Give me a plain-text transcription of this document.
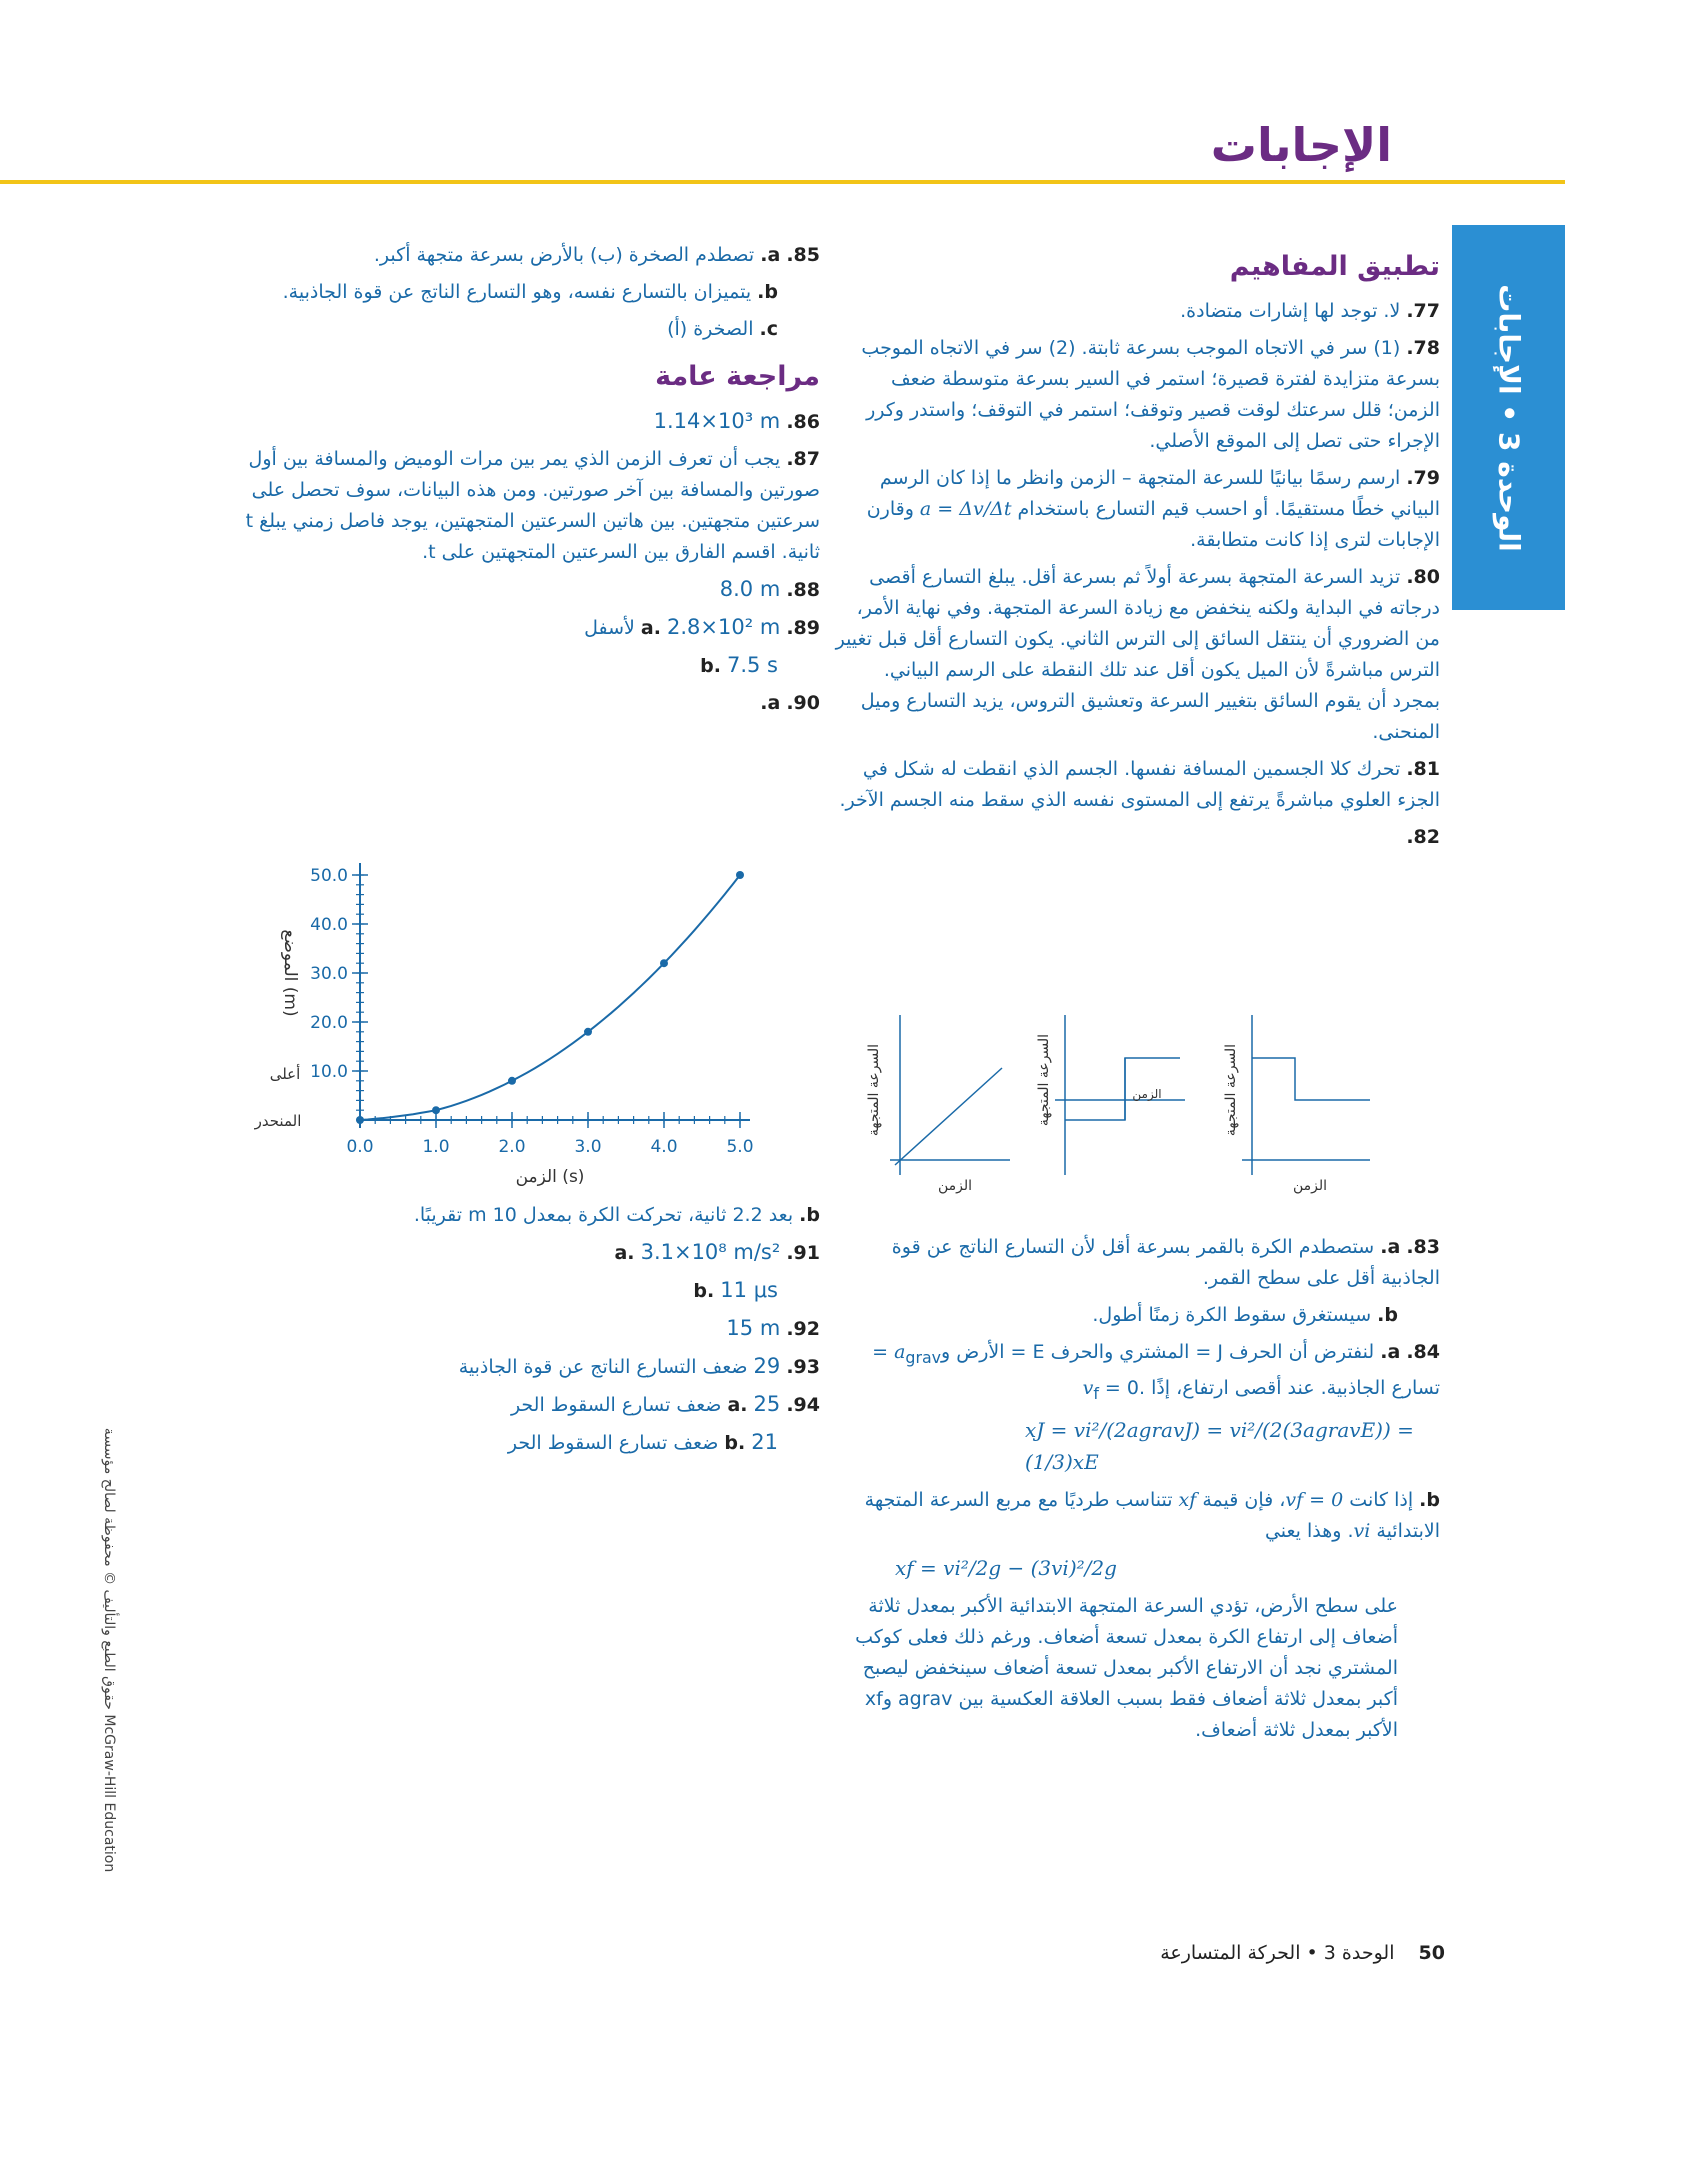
الإجابات
الوحدة 3 • الإجابات
حقوق الطبع والتأليف © محفوظة لصالح مؤسسة McGraw-Hill Education
تطبيق المفاهيم

77. لا. توجد لها إشارات متضادة.

78. (1) سر في الاتجاه الموجب بسرعة ثابتة. (2) سر في الاتجاه الموجب بسرعة متزايدة لفترة قصيرة؛ استمر في السير بسرعة متوسطة ضعف الزمن؛ قلل سرعتك لوقت قصير وتوقف؛ استمر في التوقف؛ واستدر وكرر الإجراء حتى تصل إلى الموقع الأصلي.

79. ارسم رسمًا بيانيًا للسرعة المتجهة – الزمن وانظر ما إذا كان الرسم البياني خطًا مستقيمًا. أو احسب قيم التسارع باستخدام a = Δv/Δt وقارن الإجابات لترى إذا كانت متطابقة.

80. تزيد السرعة المتجهة بسرعة أولاً ثم بسرعة أقل. يبلغ التسارع أقصى درجاته في البداية ولكنه ينخفض مع زيادة السرعة المتجهة. وفي نهاية الأمر، من الضروري أن ينتقل السائق إلى الترس الثاني. يكون التسارع أقل قبل تغيير الترس مباشرةً لأن الميل يكون أقل عند تلك النقطة على الرسم البياني. بمجرد أن يقوم السائق بتغيير السرعة وتعشيق التروس، يزيد التسارع وميل المنحنى.

81. تحرك كلا الجسمين المسافة نفسها. الجسم الذي انقطت له شكل في الجزء العلوي مباشرةً يرتفع إلى المستوى نفسه الذي سقط منه الجسم الآخر.

82.

السرعة المتجهة
الزمن
السرعة المتجهة	الزمن	السرعة المتجهة
الزمن

83. a. ستصطدم الكرة بالقمر بسرعة أقل لأن التسارع الناتج عن قوة الجاذبية أقل على سطح القمر.

b. سيستغرق سقوط الكرة زمنًا أطول.

84. a. لنفترض أن الحرف J = المشتري والحرف E = الأرض وa$_{grav}$ = تسارع الجاذبية. عند أقصى ارتفاع، $v_f = 0$. إذًا

xJ = vi²/(2agravJ) = vi²/(2(3agravE)) = (1/3)xE

b. إذا كانت vf = 0، فإن قيمة xf تتناسب طرديًا مع مربع السرعة المتجهة الابتدائية vi. وهذا يعني

xf = vi²/2g − (3vi)²/2g

على سطح الأرض، تؤدي السرعة المتجهة الابتدائية الأكبر بمعدل ثلاثة أضعاف إلى ارتفاع الكرة بمعدل تسعة أضعاف. ورغم ذلك فعلى كوكب المشتري نجد أن الارتفاع الأكبر بمعدل تسعة أضعاف سينخفض ليصبح أكبر بمعدل ثلاثة أضعاف فقط بسبب العلاقة العكسية بين agrav وxf الأكبر بمعدل ثلاثة أضعاف.

85. a. تصطدم الصخرة (ب) بالأرض بسرعة متجهة أكبر.

b. يتميزان بالتسارع نفسه، وهو التسارع الناتج عن قوة الجاذبية.

c. الصخرة (أ)

مراجعة عامة

86. 1.14×10³ m

87. يجب أن تعرف الزمن الذي يمر بين مرات الوميض والمسافة بين أول صورتين والمسافة بين آخر صورتين. ومن هذه البيانات، سوف تحصل على سرعتين متجهتين. بين هاتين السرعتين المتجهتين، يوجد فاصل زمني يبلغ t ثانية. اقسم الفارق بين السرعتين المتجهتين على t.

88. 8.0 m

89. a. 2.8×10² m لأسفل

b. 7.5 s

90. a.

0.0	1.0	2.0	3.0	4.0	5.0
10.0
20.0
30.0
40.0
50.0
الموضع (m)
الزمن (s)
أعلى
المنحدر

b. بعد 2.2 ثانية، تحركت الكرة بمعدل 10 m تقريبًا.

91. a. 3.1×10⁸ m/s²

b. 11 μs

92. 15 m

93. 29 ضعف التسارع الناتج عن قوة الجاذبية

94. a. 25 ضعف تسارع السقوط الحر

b. 21 ضعف تسارع السقوط الحر

50 الوحدة 3 • الحركة المتسارعة
